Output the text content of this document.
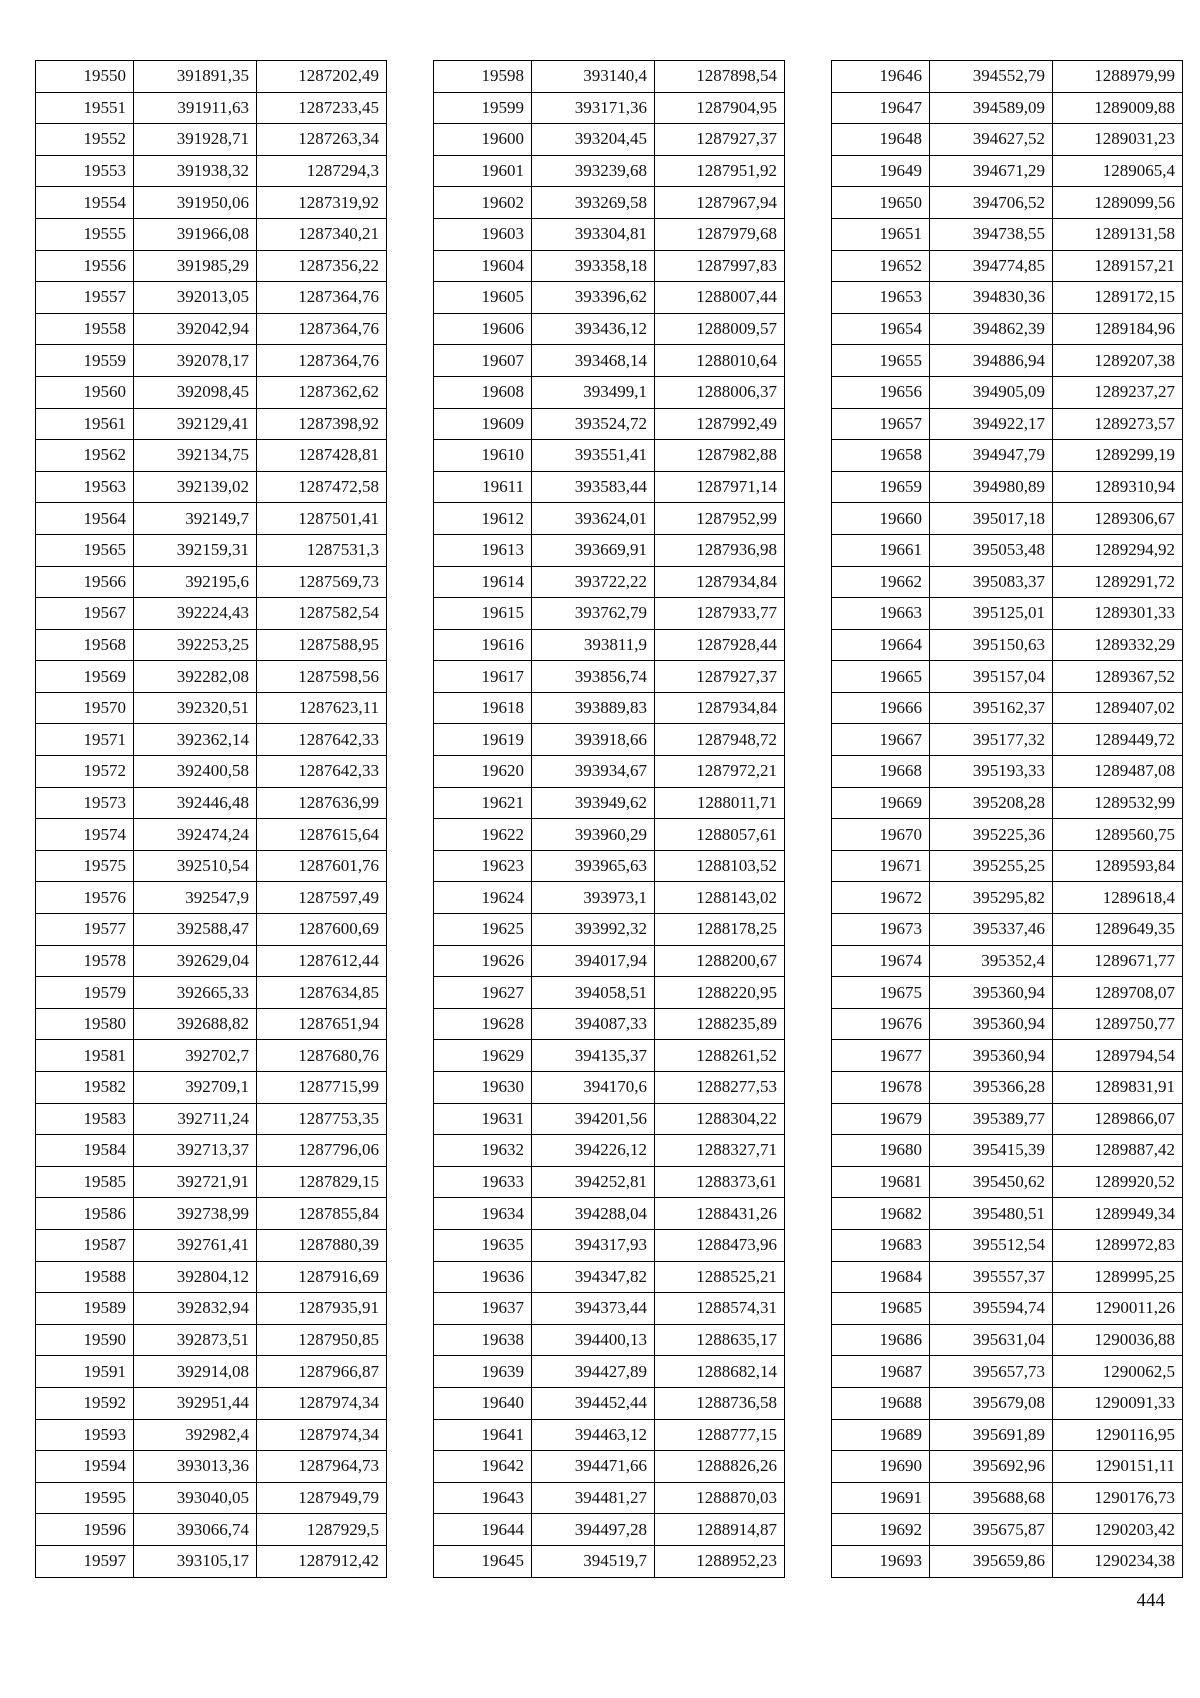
19550	391891,35	1287202,49
19551	391911,63	1287233,45
19552	391928,71	1287263,34
19553	391938,32	1287294,3
19554	391950,06	1287319,92
19555	391966,08	1287340,21
19556	391985,29	1287356,22
19557	392013,05	1287364,76
19558	392042,94	1287364,76
19559	392078,17	1287364,76
19560	392098,45	1287362,62
19561	392129,41	1287398,92
19562	392134,75	1287428,81
19563	392139,02	1287472,58
19564	392149,7	1287501,41
19565	392159,31	1287531,3
19566	392195,6	1287569,73
19567	392224,43	1287582,54
19568	392253,25	1287588,95
19569	392282,08	1287598,56
19570	392320,51	1287623,11
19571	392362,14	1287642,33
19572	392400,58	1287642,33
19573	392446,48	1287636,99
19574	392474,24	1287615,64
19575	392510,54	1287601,76
19576	392547,9	1287597,49
19577	392588,47	1287600,69
19578	392629,04	1287612,44
19579	392665,33	1287634,85
19580	392688,82	1287651,94
19581	392702,7	1287680,76
19582	392709,1	1287715,99
19583	392711,24	1287753,35
19584	392713,37	1287796,06
19585	392721,91	1287829,15
19586	392738,99	1287855,84
19587	392761,41	1287880,39
19588	392804,12	1287916,69
19589	392832,94	1287935,91
19590	392873,51	1287950,85
19591	392914,08	1287966,87
19592	392951,44	1287974,34
19593	392982,4	1287974,34
19594	393013,36	1287964,73
19595	393040,05	1287949,79
19596	393066,74	1287929,5
19597	393105,17	1287912,42
19598	393140,4	1287898,54
19599	393171,36	1287904,95
19600	393204,45	1287927,37
19601	393239,68	1287951,92
19602	393269,58	1287967,94
19603	393304,81	1287979,68
19604	393358,18	1287997,83
19605	393396,62	1288007,44
19606	393436,12	1288009,57
19607	393468,14	1288010,64
19608	393499,1	1288006,37
19609	393524,72	1287992,49
19610	393551,41	1287982,88
19611	393583,44	1287971,14
19612	393624,01	1287952,99
19613	393669,91	1287936,98
19614	393722,22	1287934,84
19615	393762,79	1287933,77
19616	393811,9	1287928,44
19617	393856,74	1287927,37
19618	393889,83	1287934,84
19619	393918,66	1287948,72
19620	393934,67	1287972,21
19621	393949,62	1288011,71
19622	393960,29	1288057,61
19623	393965,63	1288103,52
19624	393973,1	1288143,02
19625	393992,32	1288178,25
19626	394017,94	1288200,67
19627	394058,51	1288220,95
19628	394087,33	1288235,89
19629	394135,37	1288261,52
19630	394170,6	1288277,53
19631	394201,56	1288304,22
19632	394226,12	1288327,71
19633	394252,81	1288373,61
19634	394288,04	1288431,26
19635	394317,93	1288473,96
19636	394347,82	1288525,21
19637	394373,44	1288574,31
19638	394400,13	1288635,17
19639	394427,89	1288682,14
19640	394452,44	1288736,58
19641	394463,12	1288777,15
19642	394471,66	1288826,26
19643	394481,27	1288870,03
19644	394497,28	1288914,87
19645	394519,7	1288952,23
19646	394552,79	1288979,99
19647	394589,09	1289009,88
19648	394627,52	1289031,23
19649	394671,29	1289065,4
19650	394706,52	1289099,56
19651	394738,55	1289131,58
19652	394774,85	1289157,21
19653	394830,36	1289172,15
19654	394862,39	1289184,96
19655	394886,94	1289207,38
19656	394905,09	1289237,27
19657	394922,17	1289273,57
19658	394947,79	1289299,19
19659	394980,89	1289310,94
19660	395017,18	1289306,67
19661	395053,48	1289294,92
19662	395083,37	1289291,72
19663	395125,01	1289301,33
19664	395150,63	1289332,29
19665	395157,04	1289367,52
19666	395162,37	1289407,02
19667	395177,32	1289449,72
19668	395193,33	1289487,08
19669	395208,28	1289532,99
19670	395225,36	1289560,75
19671	395255,25	1289593,84
19672	395295,82	1289618,4
19673	395337,46	1289649,35
19674	395352,4	1289671,77
19675	395360,94	1289708,07
19676	395360,94	1289750,77
19677	395360,94	1289794,54
19678	395366,28	1289831,91
19679	395389,77	1289866,07
19680	395415,39	1289887,42
19681	395450,62	1289920,52
19682	395480,51	1289949,34
19683	395512,54	1289972,83
19684	395557,37	1289995,25
19685	395594,74	1290011,26
19686	395631,04	1290036,88
19687	395657,73	1290062,5
19688	395679,08	1290091,33
19689	395691,89	1290116,95
19690	395692,96	1290151,11
19691	395688,68	1290176,73
19692	395675,87	1290203,42
19693	395659,86	1290234,38
444
